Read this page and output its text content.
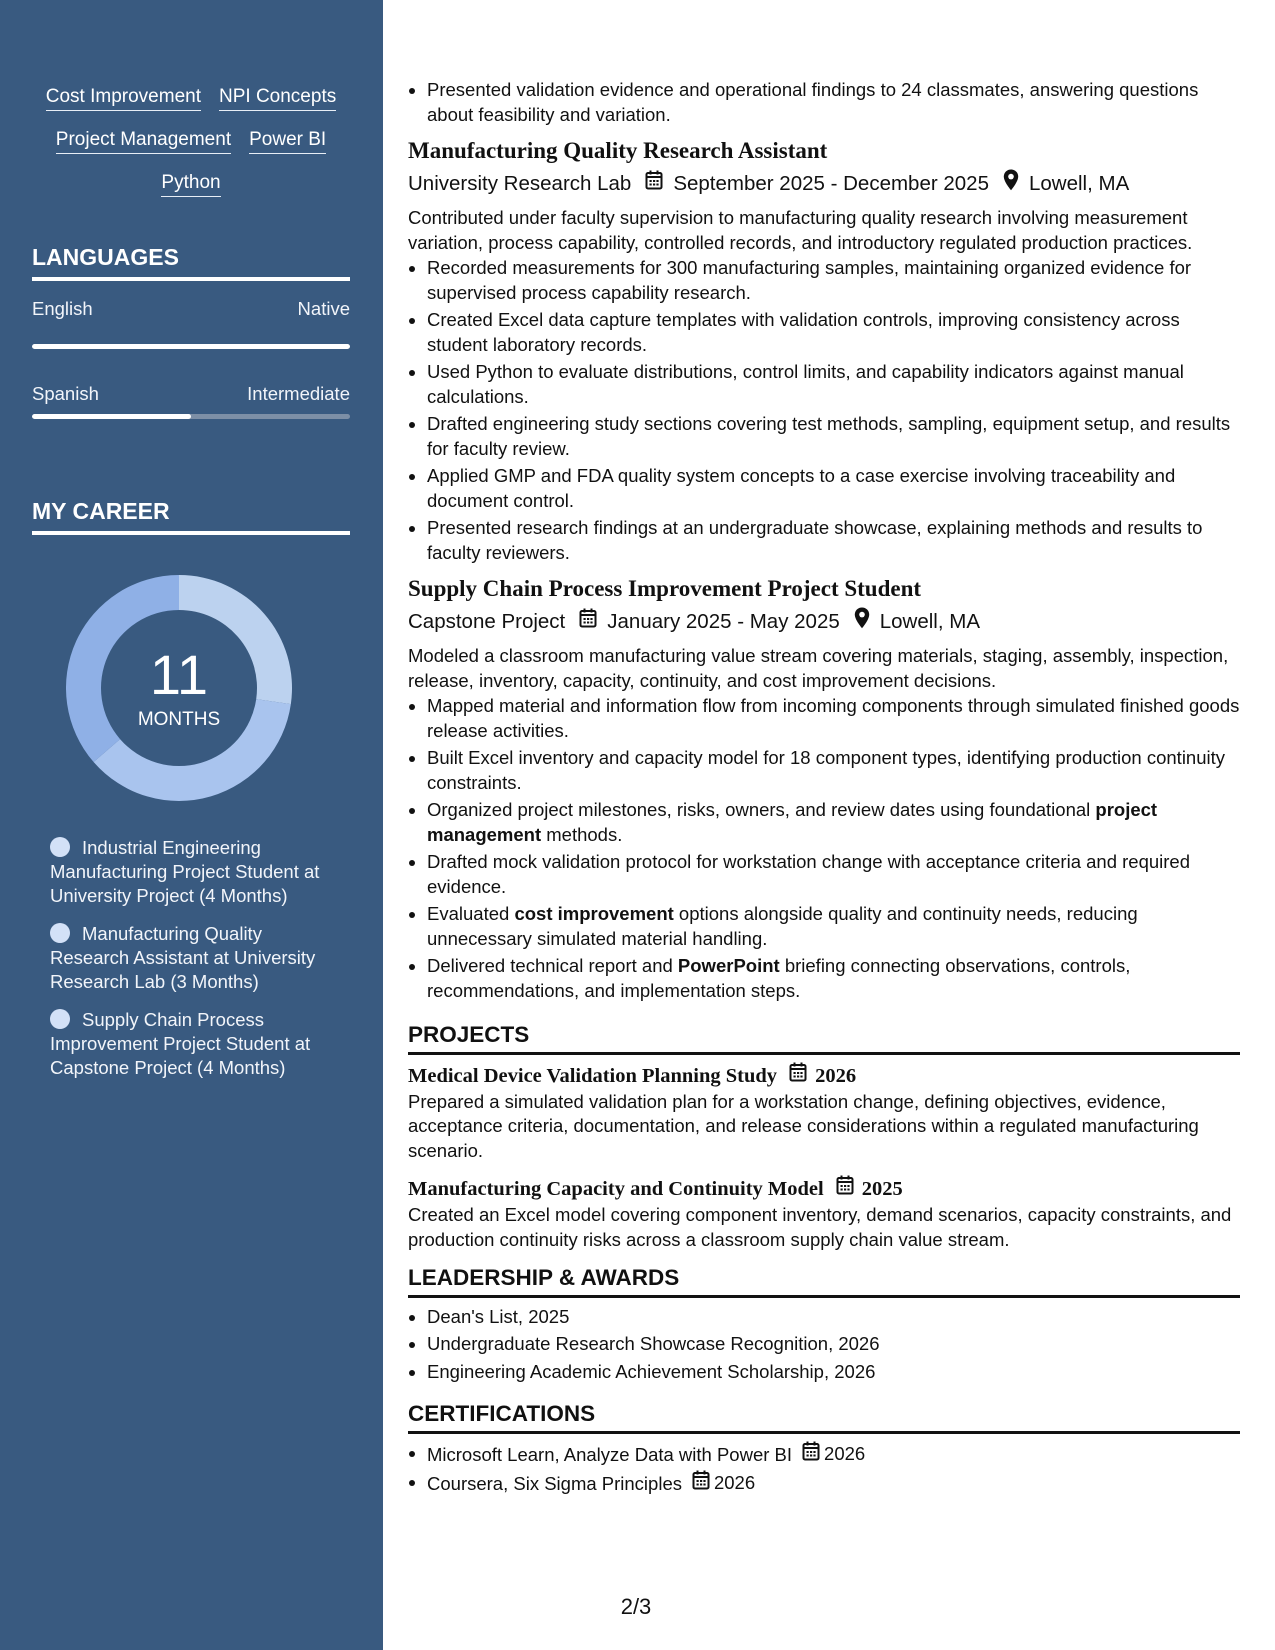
Cost Improvement NPI Concepts
Project Management Power BI
Python
LANGUAGES
English	Native
Spanish	Intermediate
MY CAREER
11
MONTHS
Industrial Engineering Manufacturing Project Student at University Project (4 Months)
Manufacturing Quality Research Assistant at University Research Lab (3 Months)
Supply Chain Process Improvement Project Student at Capstone Project (4 Months)
Presented validation evidence and operational findings to 24 classmates, answering questions about feasibility and variation.
Manufacturing Quality Research Assistant
University Research Lab September 2025 - December 2025 Lowell, MA
Contributed under faculty supervision to manufacturing quality research involving measurement variation, process capability, controlled records, and introductory regulated production practices.
Recorded measurements for 300 manufacturing samples, maintaining organized evidence for supervised process capability research.
Created Excel data capture templates with validation controls, improving consistency across student laboratory records.
Used Python to evaluate distributions, control limits, and capability indicators against manual calculations.
Drafted engineering study sections covering test methods, sampling, equipment setup, and results for faculty review.
Applied GMP and FDA quality system concepts to a case exercise involving traceability and document control.
Presented research findings at an undergraduate showcase, explaining methods and results to faculty reviewers.
Supply Chain Process Improvement Project Student
Capstone Project January 2025 - May 2025 Lowell, MA
Modeled a classroom manufacturing value stream covering materials, staging, assembly, inspection, release, inventory, capacity, continuity, and cost improvement decisions.
Mapped material and information flow from incoming components through simulated finished goods release activities.
Built Excel inventory and capacity model for 18 component types, identifying production continuity constraints.
Organized project milestones, risks, owners, and review dates using foundational project management methods.
Drafted mock validation protocol for workstation change with acceptance criteria and required evidence.
Evaluated cost improvement options alongside quality and continuity needs, reducing unnecessary simulated material handling.
Delivered technical report and PowerPoint briefing connecting observations, controls, recommendations, and implementation steps.
PROJECTS
Medical Device Validation Planning Study 2026
Prepared a simulated validation plan for a workstation change, defining objectives, evidence, acceptance criteria, documentation, and release considerations within a regulated manufacturing scenario.
Manufacturing Capacity and Continuity Model 2025
Created an Excel model covering component inventory, demand scenarios, capacity constraints, and production continuity risks across a classroom supply chain value stream.
LEADERSHIP & AWARDS
Dean's List, 2025
Undergraduate Research Showcase Recognition, 2026
Engineering Academic Achievement Scholarship, 2026
CERTIFICATIONS
Microsoft Learn, Analyze Data with Power BI 2026
Coursera, Six Sigma Principles 2026
2/3
